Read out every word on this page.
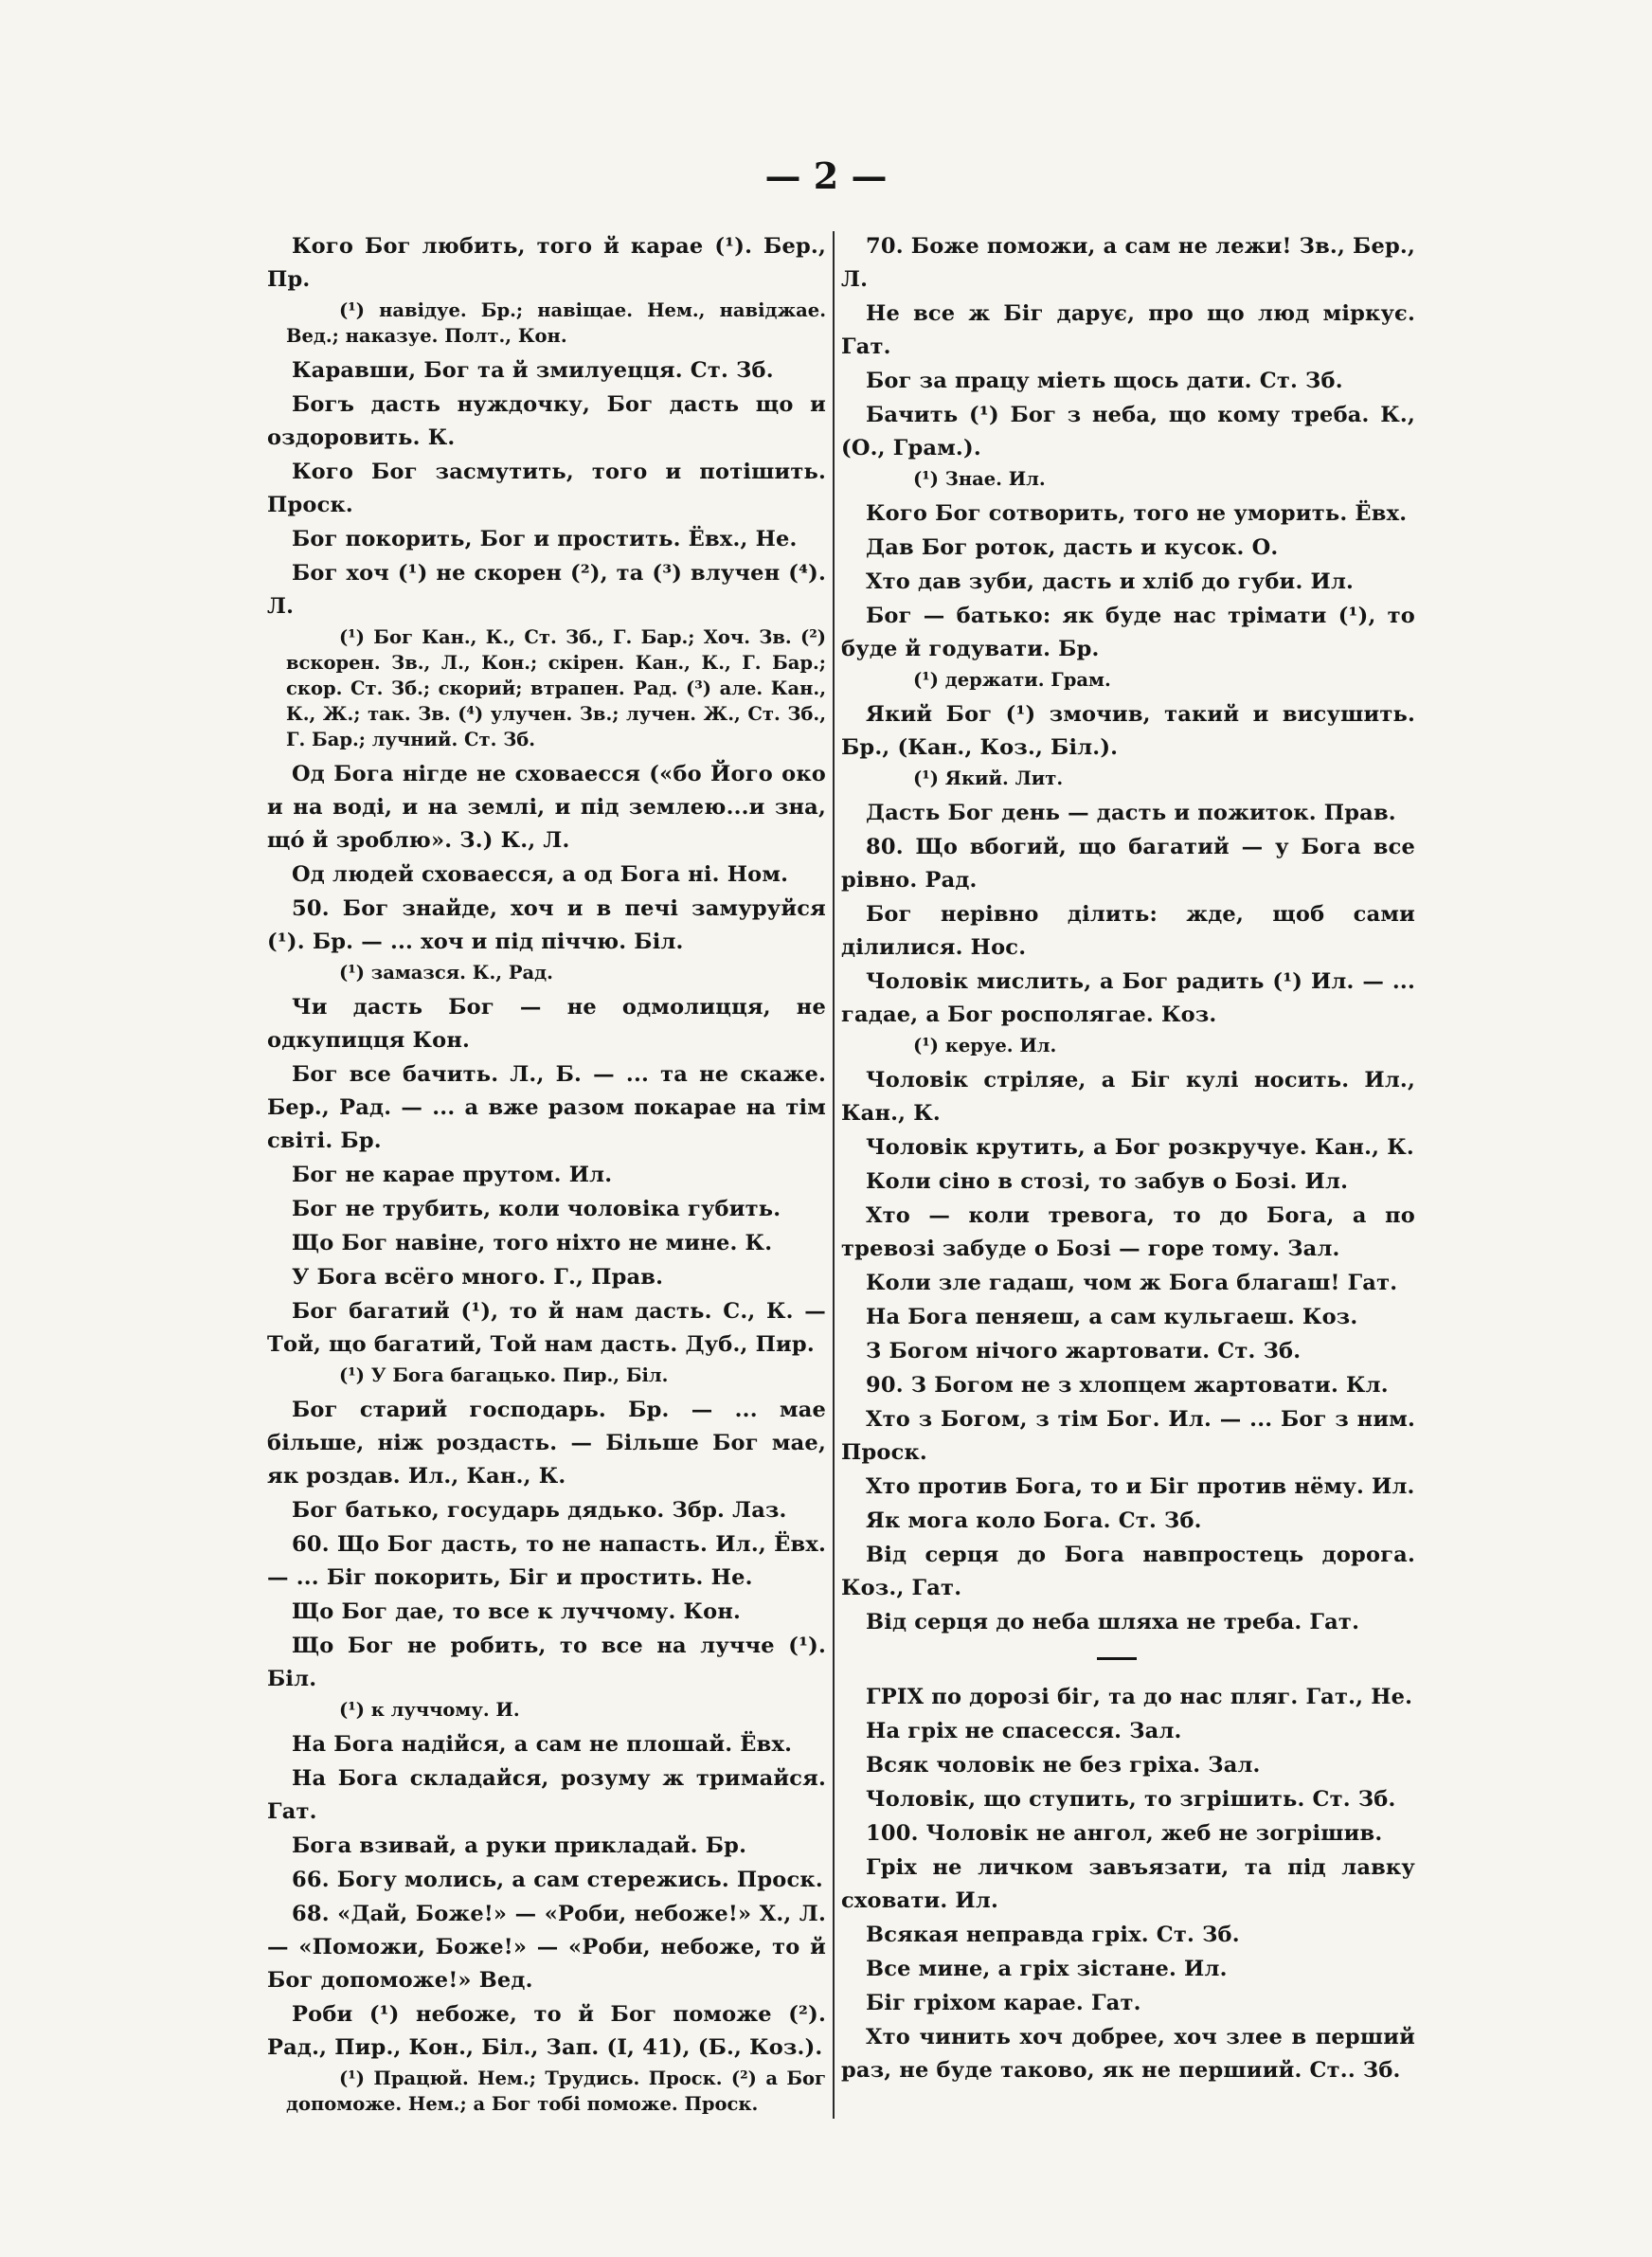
— 2 —

Кого Бог любить, того й карае (¹). Бер., Пр.

(¹) навідуе. Бр.; навіщае. Нем., навіджае. Вед.; наказуе. Полт., Кон.

Каравши, Бог та й змилуецця. Ст. Зб.

Богъ дасть нуждочку, Бог дасть що и оздоровить. К.

Кого Бог засмутить, того и потішить. Проск.

Бог покорить, Бог и простить. Ёвх., Не.

Бог хоч (¹) не скорен (²), та (³) влучен (⁴). Л.

(¹) Бог Кан., К., Ст. Зб., Г. Бар.; Хоч. Зв. (²) вскорен. Зв., Л., Кон.; скірен. Кан., К., Г. Бар.; скор. Ст. Зб.; скорий; втрапен. Рад. (³) але. Кан., К., Ж.; так. Зв. (⁴) улучен. Зв.; лучен. Ж., Ст. Зб., Г. Бар.; лучний. Ст. Зб.

Од Бога нігде не сховаесся («бо Його око и на воді, и на землі, и під землею...и зна, щό й зроблю». З.) К., Л.

Од людей сховаесся, а од Бога ні. Ном.

50. Бог знайде, хоч и в печі замуруйся (¹). Бр. — ... хоч и під піччю. Біл.

(¹) замазся. К., Рад.

Чи дасть Бог — не одмолицця, не одкупицця Кон.

Бог все бачить. Л., Б. — ... та не скаже. Бер., Рад. — ... а вже разом покарае на тім світі. Бр.

Бог не карае прутом. Ил.

Бог не трубить, коли чоловіка губить.

Що Бог навіне, того ніхто не мине. К.

У Бога всёго много. Г., Прав.

Бог багатий (¹), то й нам дасть. С., К. — Той, що багатий, Той нам дасть. Дуб., Пир.

(¹) У Бога багацько. Пир., Біл.

Бог старий господарь. Бр. — ... мае більше, ніж роздасть. — Більше Бог мае, як роздав. Ил., Кан., К.

Бог батько, государь дядько. Збр. Лаз.

60. Що Бог дасть, то не напасть. Ил., Ёвх. — ... Біг покорить, Біг и простить. Не.

Що Бог дае, то все к луччому. Кон.

Що Бог не робить, то все на лучче (¹). Біл.

(¹) к луччому. И.

На Бога надійся, а сам не плошай. Ёвх.

На Бога складайся, розуму ж тримайся. Гат.

Бога взивай, а руки прикладай. Бр.

66. Богу молись, а сам стережись. Проск.

68. «Дай, Боже!» — «Роби, небоже!» Х., Л. — «Поможи, Боже!» — «Роби, небоже, то й Бог допоможе!» Вед.

Роби (¹) небоже, то й Бог поможе (²). Рад., Пир., Кон., Біл., Зап. (I, 41), (Б., Коз.).

(¹) Працюй. Нем.; Трудись. Проск. (²) а Бог допоможе. Нем.; а Бог тобі поможе. Проск.

70. Боже поможи, а сам не лежи! Зв., Бер., Л.

Не все ж Біг дарує, про що люд міркує. Гат.

Бог за працу міеть щось дати. Ст. Зб.

Бачить (¹) Бог з неба, що кому треба. К., (О., Грам.).

(¹) Знае. Ил.

Кого Бог сотворить, того не уморить. Ёвх.

Дав Бог роток, дасть и кусок. О.

Хто дав зуби, дасть и хліб до губи. Ил.

Бог — батько: як буде нас трімати (¹), то буде й годувати. Бр.

(¹) держати. Грам.

Який Бог (¹) змочив, такий и висушить. Бр., (Кан., Коз., Біл.).

(¹) Який. Лит.

Дасть Бог день — дасть и пожиток. Прав.

80. Що вбогий, що багатий — у Бога все рівно. Рад.

Бог нерівно ділить: жде, щоб сами ділилися. Нос.

Чоловік мислить, а Бог радить (¹) Ил. — ... гадае, а Бог росполягае. Коз.

(¹) керуе. Ил.

Чоловік стріляе, а Біг кулі носить. Ил., Кан., К.

Чоловік крутить, а Бог розкручуе. Кан., К.

Коли сіно в стозі, то забув о Бозі. Ил.

Хто — коли тревога, то до Бога, а по тревозі забуде о Бозі — горе тому. Зал.

Коли зле гадаш, чом ж Бога благаш! Гат.

На Бога пеняеш, а сам кульгаеш. Коз.

З Богом нічого жартовати. Ст. Зб.

90. З Богом не з хлопцем жартовати. Кл.

Хто з Богом, з тім Бог. Ил. — ... Бог з ним. Проск.

Хто против Бога, то и Біг против нёму. Ил.

Як мога коло Бога. Ст. Зб.

Від серця до Бога навпростець дорога. Коз., Гат.

Від серця до неба шляха не треба. Гат.

ГРІХ по дорозі біг, та до нас пляг. Гат., Не.

На гріх не спасесся. Зал.

Всяк чоловік не без гріха. Зал.

Чоловік, що ступить, то згрішить. Ст. Зб.

100. Чоловік не ангол, жеб не зогрішив.

Гріх не личком завъязати, та під лавку сховати. Ил.

Всякая неправда гріх. Ст. Зб.

Все мине, а гріх зістане. Ил.

Біг гріхом карае. Гат.

Хто чинить хоч добрее, хоч злее в перший раз, не буде таково, як не першиий. Ст.. Зб.
